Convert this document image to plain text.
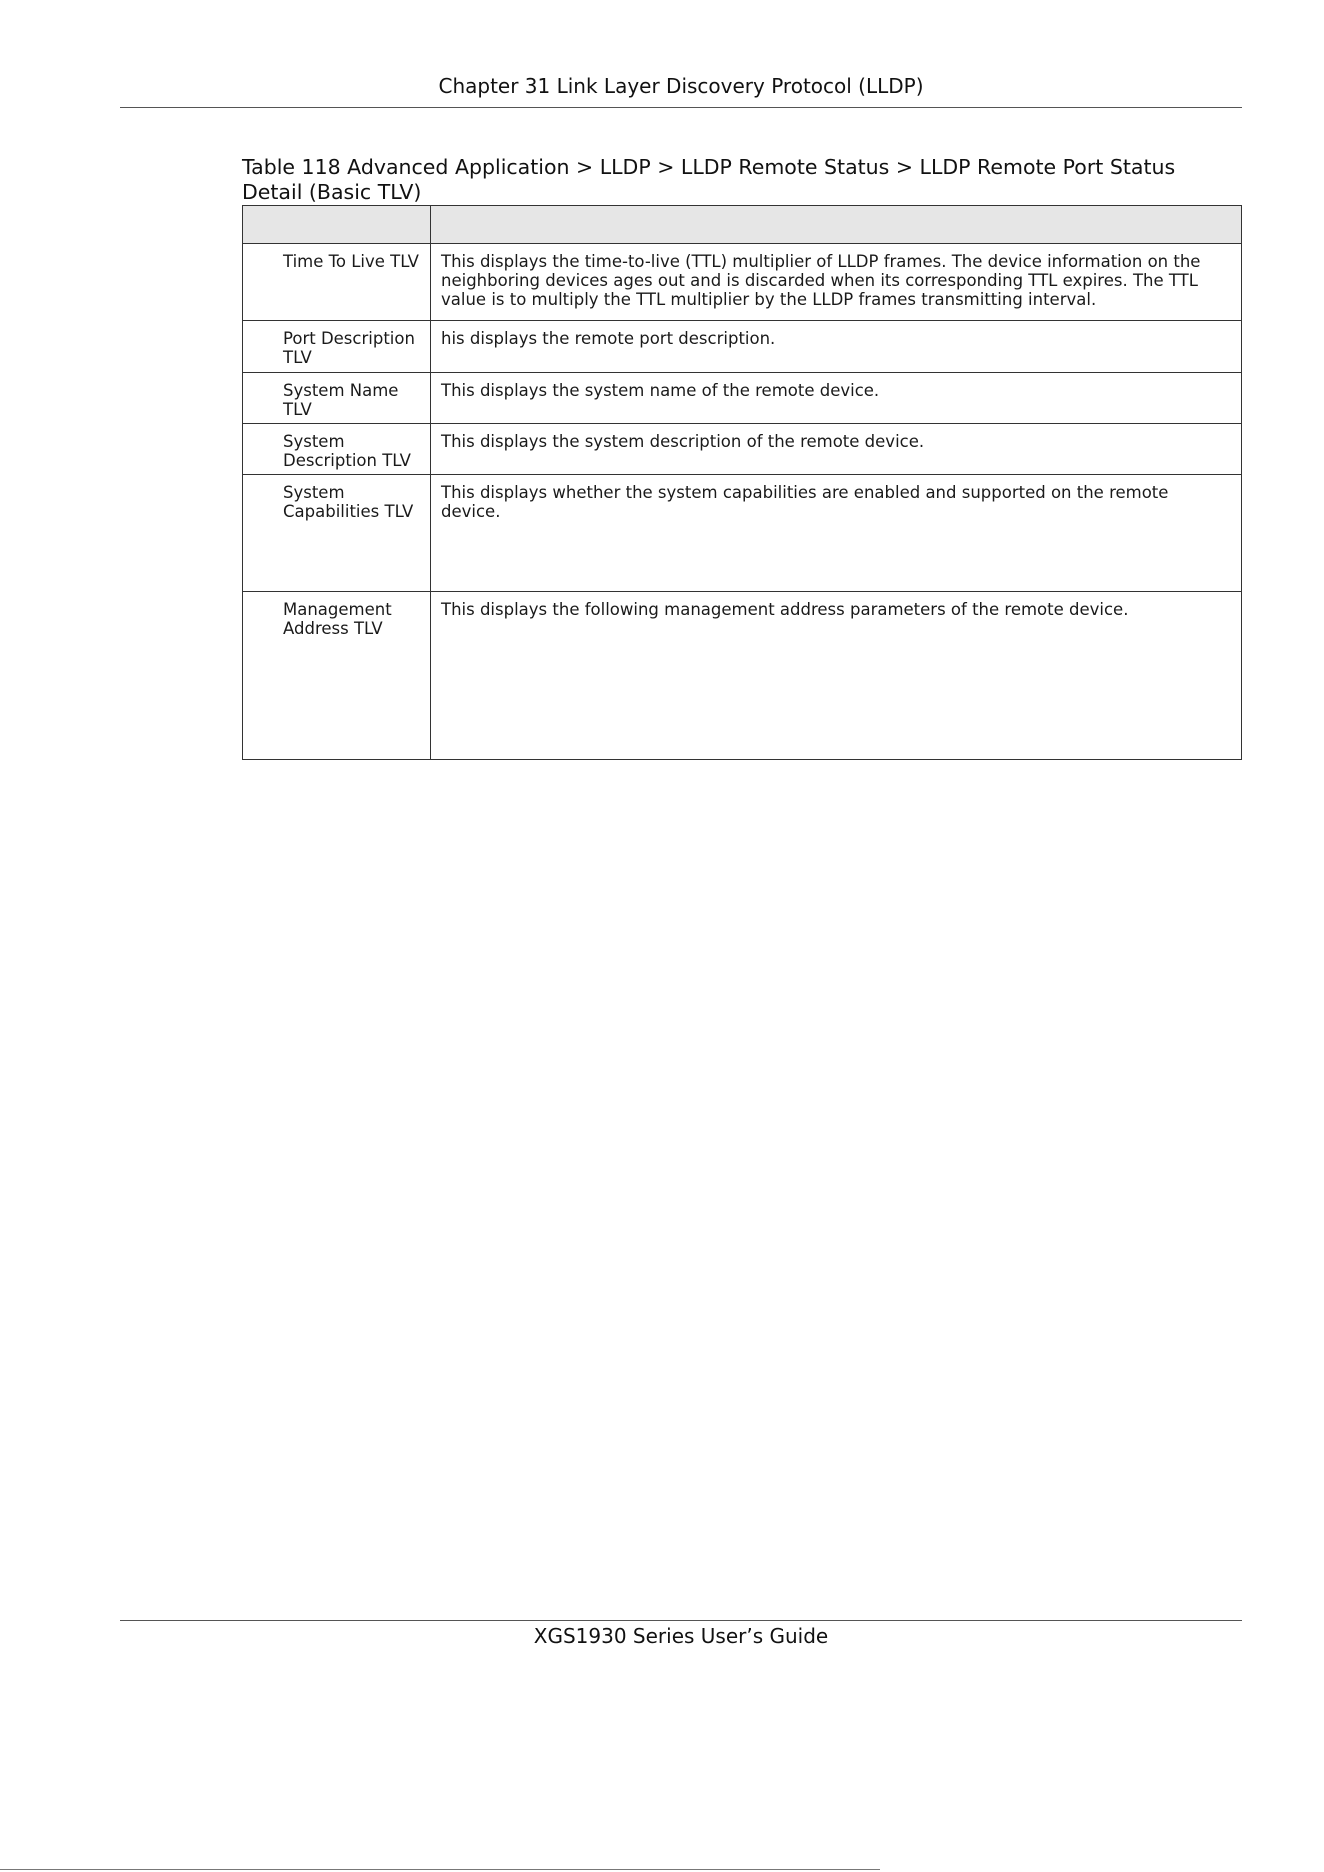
Chapter 31 Link Layer Discovery Protocol (LLDP)
Table 118 Advanced Application > LLDP > LLDP Remote Status > LLDP Remote Port Status Detail (Basic TLV)

Time To Live TLV	This displays the time-to-live (TTL) multiplier of LLDP frames. The device information on the neighboring devices ages out and is discarded when its corresponding TTL expires. The TTL value is to multiply the TTL multiplier by the LLDP frames transmitting interval.
Port Description TLV	his displays the remote port description.
System Name TLV	This displays the system name of the remote device.
System Description TLV	This displays the system description of the remote device.
System Capabilities TLV	This displays whether the system capabilities are enabled and supported on the remote device.
Management Address TLV	This displays the following management address parameters of the remote device.
XGS1930 Series User’s Guide
